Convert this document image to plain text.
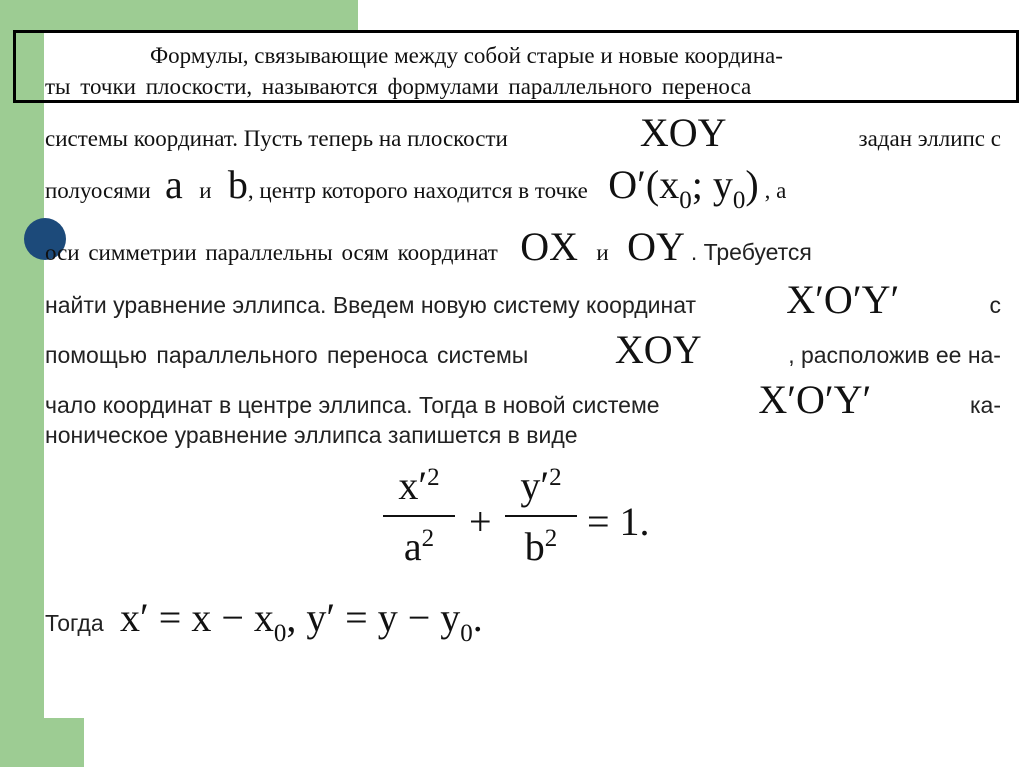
Формулы, связывающие между собой старые и новые координа-
ты точки плоскости, называются формулами параллельного переноса
системы координат. Пусть теперь на плоскости	XOY	задан эллипс с
полуосями a и b, центр которого находится в точке $O'(x_0$; $y_0$) , а
оси симметрии параллельны осям координат OX и OY . Требуется
найти уравнение эллипса. Введем новую систему координат X′O′Y′	с
помощью параллельного переноса системы XOY	, расположив ее на-
чало координат в центре эллипса. Тогда в новой системе X′O′Y′	ка-
ноническое уравнение эллипса запишется в виде
$x'^2$
$a^2$ +
$y'^2$
$b^2 = 1$.
Тогда $x' = x - x_0$, $y' = y - y_0$.
